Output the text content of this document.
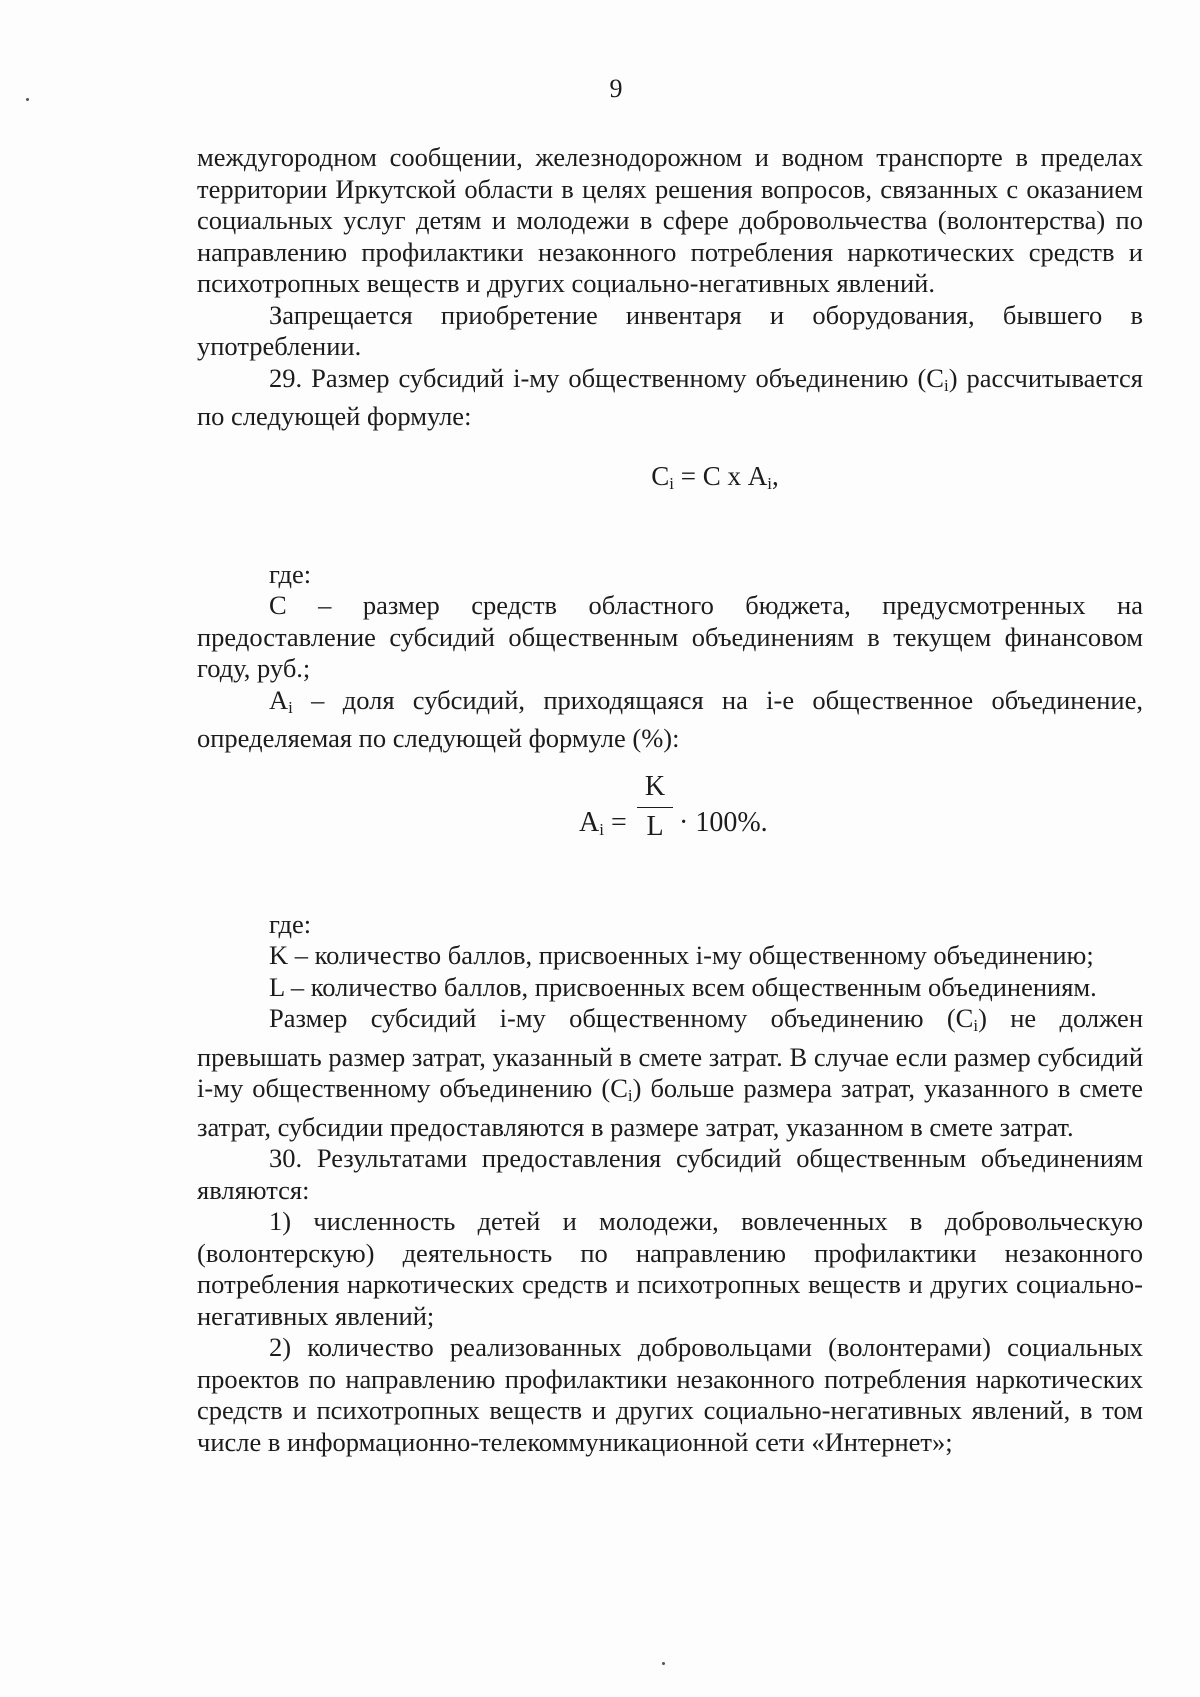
9

междугородном сообщении, железнодорожном и водном транспорте в пределах территории Иркутской области в целях решения вопросов, связанных с оказанием социальных услуг детям и молодежи в сфере добровольчества (волонтерства) по направлению профилактики незаконного потребления наркотических средств и психотропных веществ и других социально-негативных явлений.

Запрещается приобретение инвентаря и оборудования, бывшего в употреблении.

29. Размер субсидий i-му общественному объединению $(С_i)$ рассчитывается по следующей формуле:

$С_i = С$ х $А_i$,

где:

С – размер средств областного бюджета, предусмотренных на предоставление субсидий общественным объединениям в текущем финансовом году, руб.;

$А_i$ – доля субсидий, приходящаяся на i-е общественное объединение, определяемая по следующей формуле (%):

$А_i$ =
K
L · 100%.

где:

K – количество баллов, присвоенных i-му общественному объединению;

L – количество баллов, присвоенных всем общественным объединениям.

Размер субсидий i-му общественному объединению $(С_i)$ не должен превышать размер затрат, указанный в смете затрат. В случае если размер субсидий i-му общественному объединению $(С_i)$ больше размера затрат, указанного в смете затрат, субсидии предоставляются в размере затрат, указанном в смете затрат.

30. Результатами предоставления субсидий общественным объединениям являются:

1) численность детей и молодежи, вовлеченных в добровольческую (волонтерскую) деятельность по направлению профилактики незаконного потребления наркотических средств и психотропных веществ и других социально-негативных явлений;

2) количество реализованных добровольцами (волонтерами) социальных проектов по направлению профилактики незаконного потребления наркотических средств и психотропных веществ и других социально-негативных явлений, в том числе в информационно-телекоммуникационной сети «Интернет»;
